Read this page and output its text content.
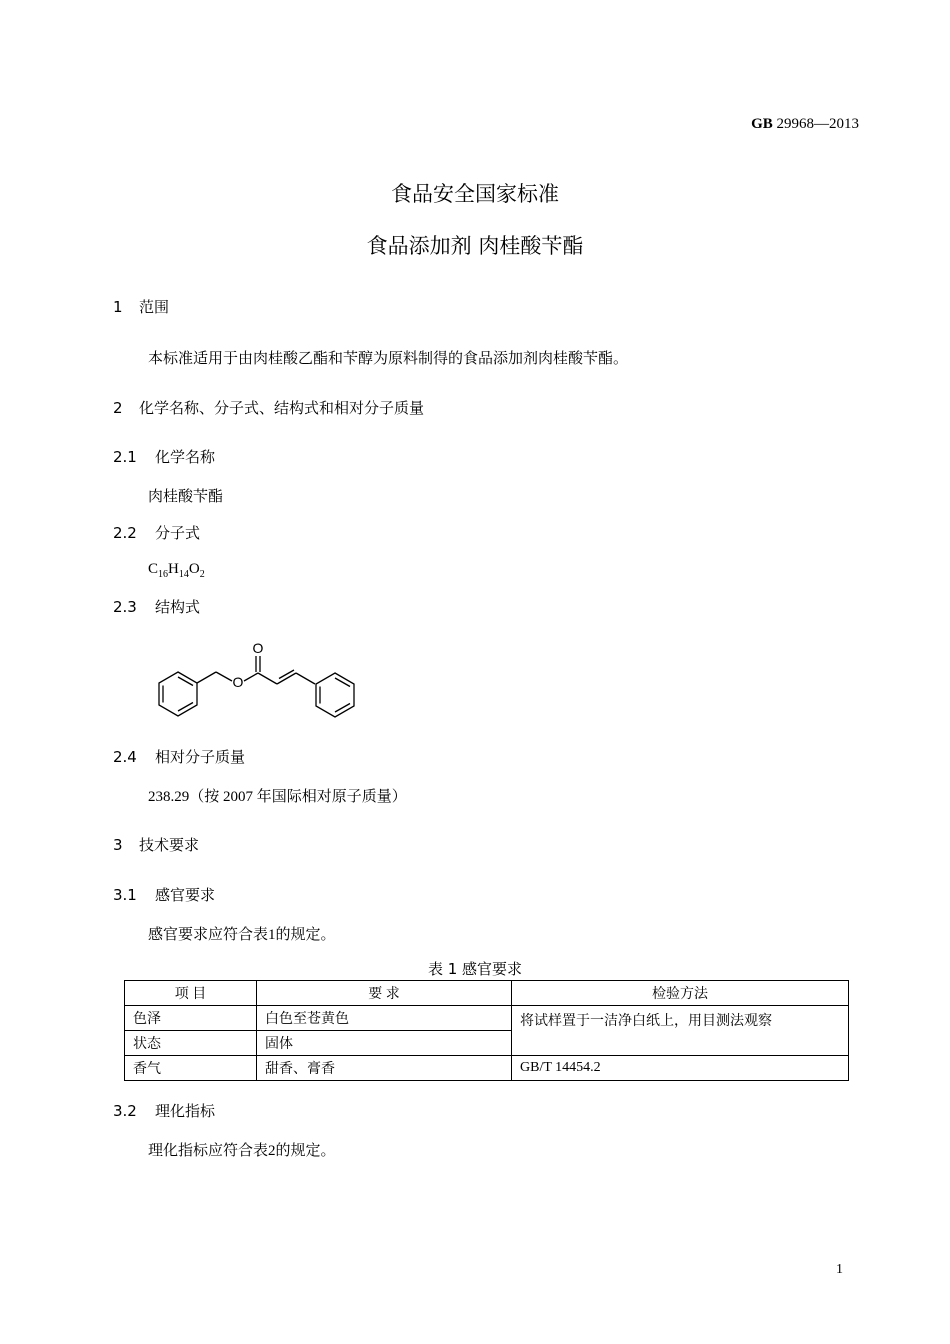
GB 29968—2013
食品安全国家标准
食品添加剂 肉桂酸苄酯
1 范围
本标准适用于由肉桂酸乙酯和苄醇为原料制得的食品添加剂肉桂酸苄酯。
2 化学名称、分子式、结构式和相对分子质量
2.1 化学名称
肉桂酸苄酯
2.2 分子式
$C_{16}H_{14}O_2$
2.3 结构式
O
O
2.4 相对分子质量
238.29（按 2007 年国际相对原子质量）
3 技术要求
3.1 感官要求
感官要求应符合表1的规定。
表 1 感官要求
项 目	要 求	检验方法
色泽	白色至苍黄色	将试样置于一洁净白纸上，用目测法观察
状态	固体	
香气	甜香、膏香	GB/T 14454.2
3.2 理化指标
理化指标应符合表2的规定。
1
